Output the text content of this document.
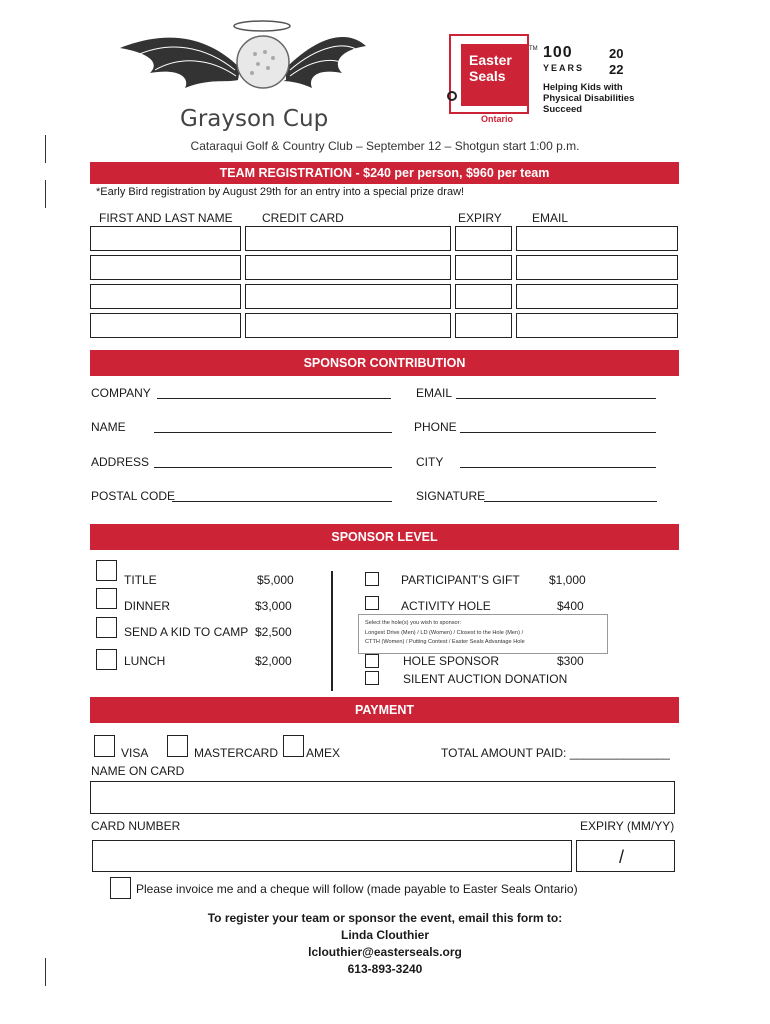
Grayson Cup
Easter
Seals
TM
Ontario
100
YEARS
20
22
Helping Kids with Physical Disabilities Succeed
Cataraqui Golf & Country Club – September 12 – Shotgun start 1:00 p.m.
TEAM REGISTRATION - $240 per person, $960 per team
*Early Bird registration by August 29th for an entry into a special prize draw!
FIRST AND LAST NAME CREDIT CARD	EXPIRY	EMAIL
SPONSOR CONTRIBUTION
COMPANY	EMAIL
NAME	PHONE
ADDRESS	CITY
POSTAL CODE	SIGNATURE
SPONSOR LEVEL
TITLE	$5,000
DINNER	$3,000
SEND A KID TO CAMP $2,500
LUNCH	$2,000
PARTICIPANT’S GIFT $1,000
ACTIVITY HOLE	$400
HOLE SPONSOR	$300
SILENT AUCTION DONATION
Select the hole(s) you wish to sponsor:
Longest Drive (Men) / LD (Women) / Closest to the Hole (Men) /
CTTH (Women) / Putting Contest / Easter Seals Advantage Hole
PAYMENT
VISA	MASTERCARD AMEX	TOTAL AMOUNT PAID: _______________
NAME ON CARD
CARD NUMBER	EXPIRY (MM/YY)
/
Please invoice me and a cheque will follow (made payable to Easter Seals Ontario)
To register your team or sponsor the event, email this form to:
Linda Clouthier
lclouthier@easterseals.org
613-893-3240
